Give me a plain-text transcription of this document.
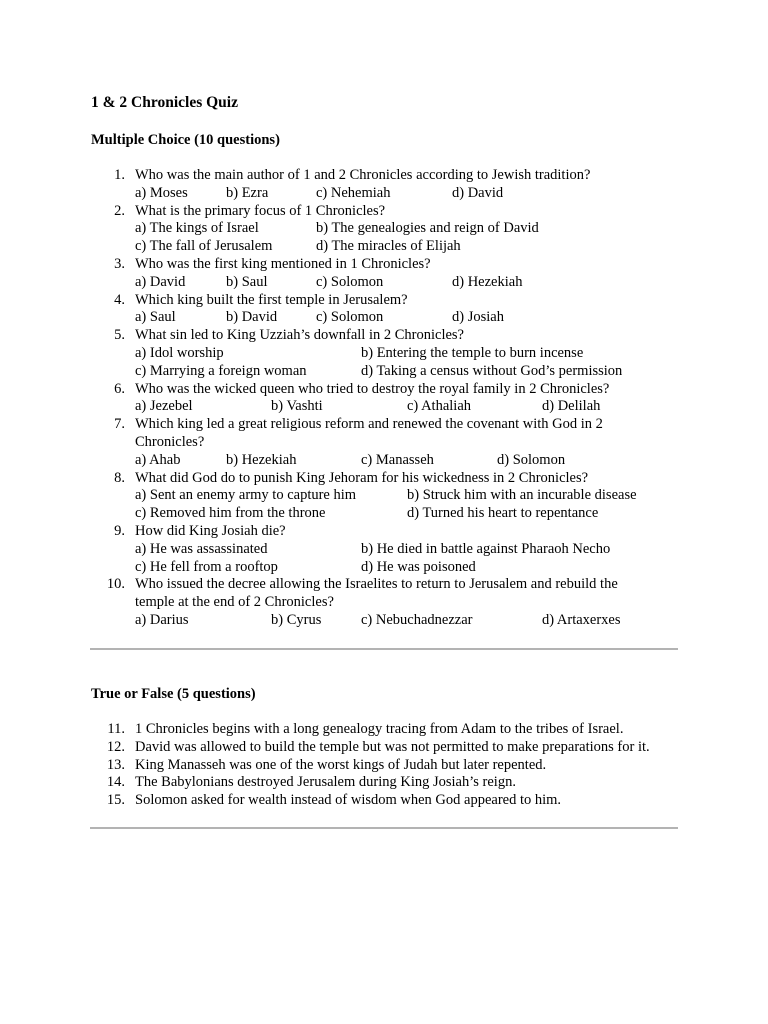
1 & 2 Chronicles Quiz
Multiple Choice (10 questions)
1. Who was the main author of 1 and 2 Chronicles according to Jewish tradition?
a) Moses	b) Ezra	c) Nehemiah	d) David
2. What is the primary focus of 1 Chronicles?
a) The kings of Israel	b) The genealogies and reign of David
c) The fall of Jerusalem	d) The miracles of Elijah
3. Who was the first king mentioned in 1 Chronicles?
a) David	b) Saul	c) Solomon	d) Hezekiah
4. Which king built the first temple in Jerusalem?
a) Saul	b) David	c) Solomon	d) Josiah
5. What sin led to King Uzziah’s downfall in 2 Chronicles?
a) Idol worship	b) Entering the temple to burn incense
c) Marrying a foreign woman	d) Taking a census without God’s permission
6. Who was the wicked queen who tried to destroy the royal family in 2 Chronicles?
a) Jezebel	b) Vashti	c) Athaliah	d) Delilah
7. Which king led a great religious reform and renewed the covenant with God in 2
Chronicles?
a) Ahab	b) Hezekiah	c) Manasseh	d) Solomon
8. What did God do to punish King Jehoram for his wickedness in 2 Chronicles?
a) Sent an enemy army to capture him	b) Struck him with an incurable disease
c) Removed him from the throne	d) Turned his heart to repentance
9. How did King Josiah die?
a) He was assassinated	b) He died in battle against Pharaoh Necho
c) He fell from a rooftop	d) He was poisoned
10. Who issued the decree allowing the Israelites to return to Jerusalem and rebuild the
temple at the end of 2 Chronicles?
a) Darius	b) Cyrus	c) Nebuchadnezzar	d) Artaxerxes
True or False (5 questions)
11. 1 Chronicles begins with a long genealogy tracing from Adam to the tribes of Israel.
12. David was allowed to build the temple but was not permitted to make preparations for it.
13. King Manasseh was one of the worst kings of Judah but later repented.
14. The Babylonians destroyed Jerusalem during King Josiah’s reign.
15. Solomon asked for wealth instead of wisdom when God appeared to him.
